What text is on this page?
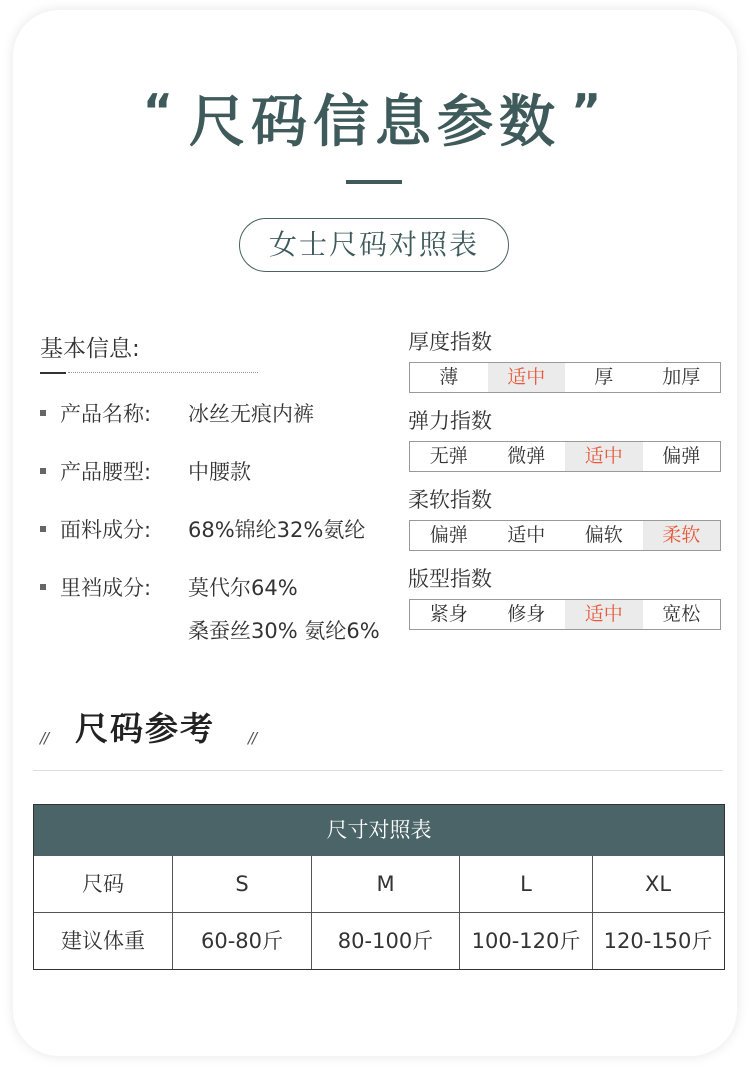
“ 尺码信息参数 ”
女士尺码对照表
基本信息:
产品名称: 冰丝无痕内裤
产品腰型: 中腰款
面料成分: 68%锦纶32%氨纶
里裆成分: 莫代尔64%
桑蚕丝30% 氨纶6%
厚度指数
薄	适中	厚	加厚
弹力指数
无弹	微弹	适中	偏弹
柔软指数
偏弹	适中	偏软	柔软
版型指数
紧身	修身	适中	宽松
// 尺码参考 //
尺寸对照表
尺码	S	M	L	XL
建议体重	60-80斤	80-100斤	100-120斤	120-150斤
